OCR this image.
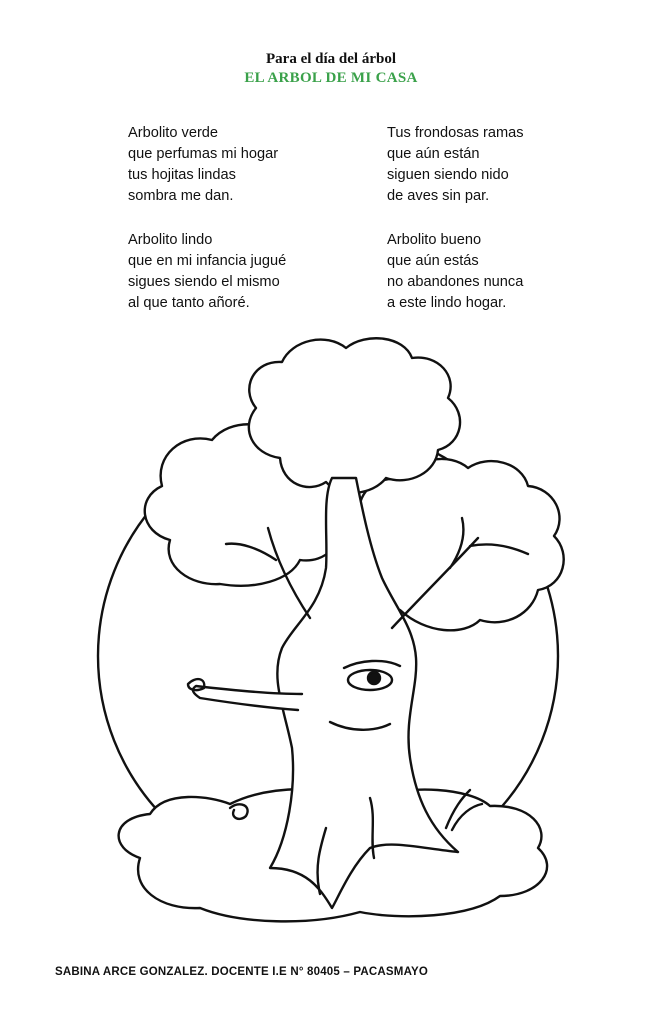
Para el día del árbol
EL ARBOL DE MI CASA
Arbolito verde
que perfumas mi hogar
tus hojitas lindas
sombra me dan.
Arbolito lindo
que en mi infancia jugué
sigues siendo el mismo
al que tanto añoré.
Tus frondosas ramas
que aún están
siguen siendo nido
de aves sin par.
Arbolito bueno
que aún estás
no abandones nunca
a este lindo hogar.
SABINA ARCE GONZALEZ. DOCENTE I.E N° 80405 – PACASMAYO
